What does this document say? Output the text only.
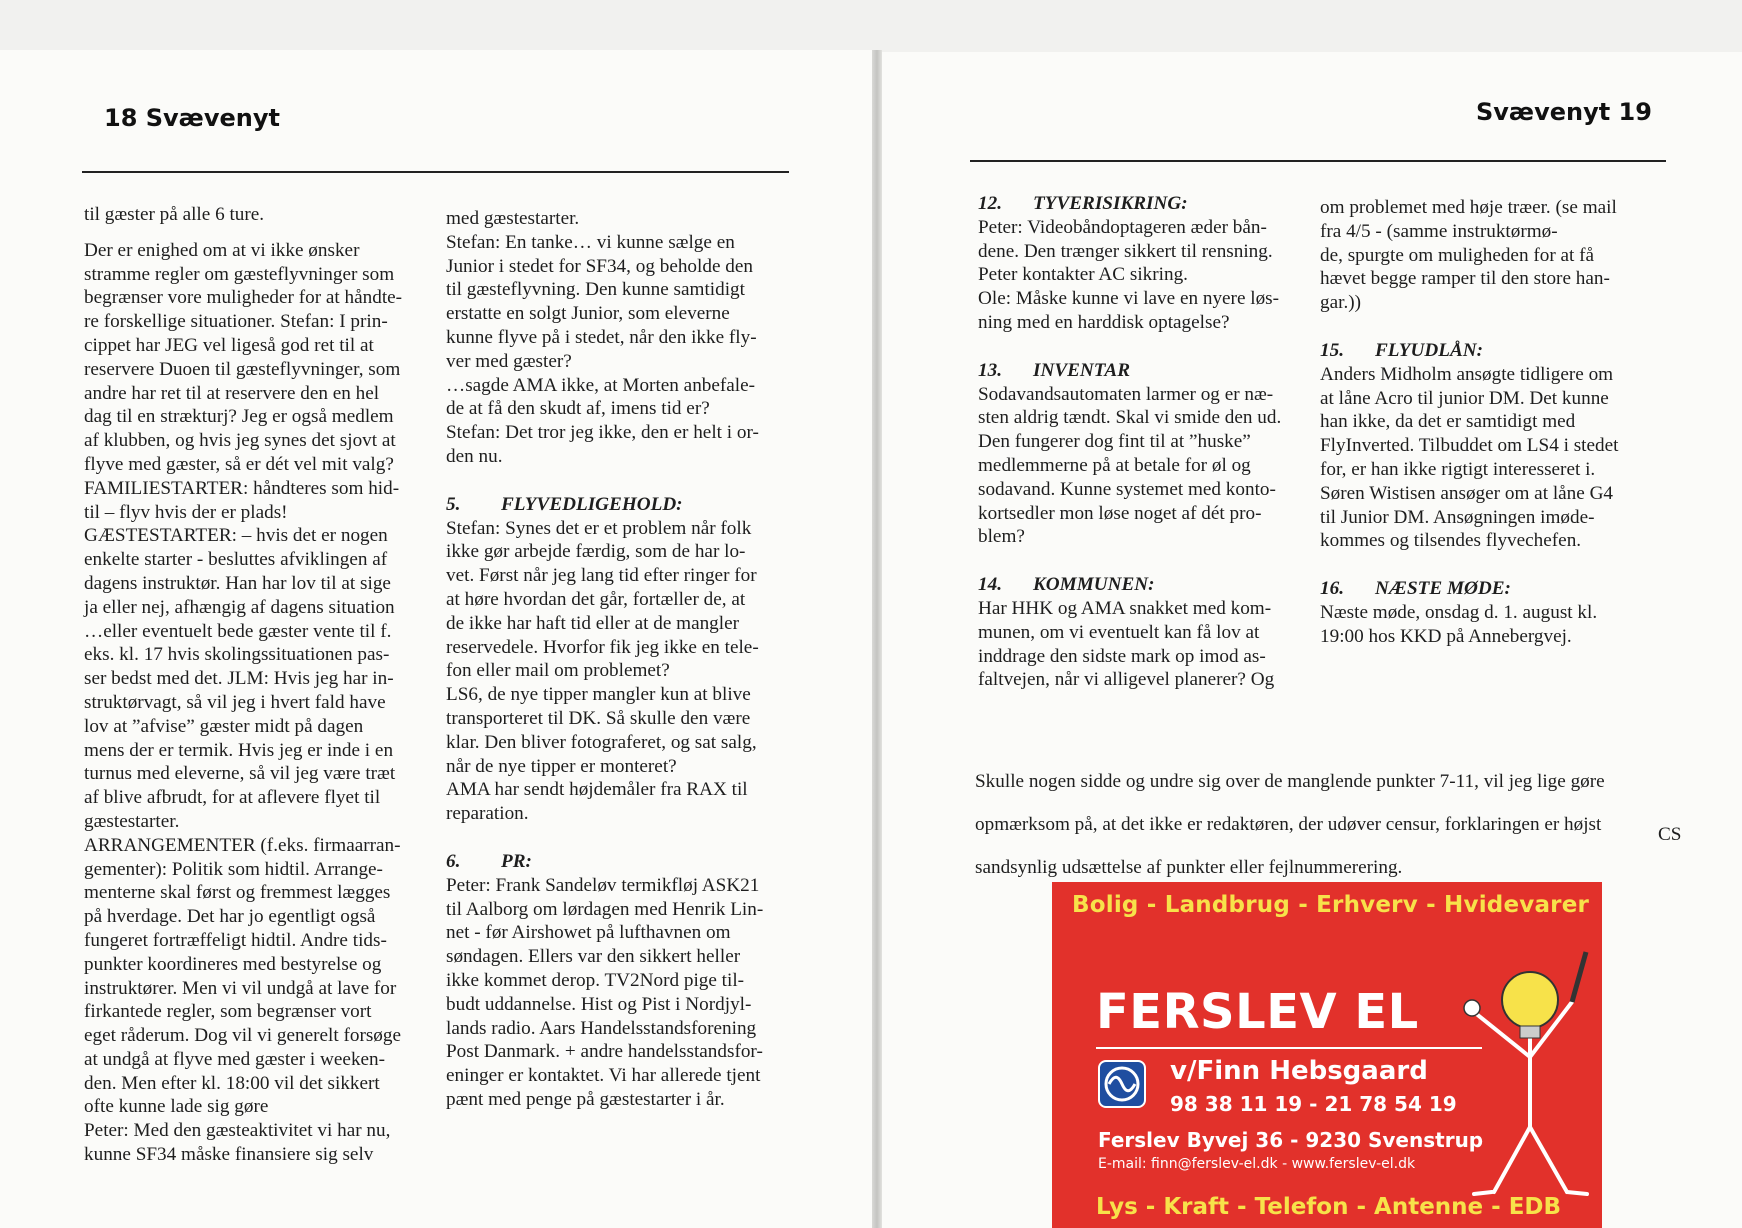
18 Svævenyt

til gæster på alle 6 ture.

Der er enighed om at vi ikke ønsker

stramme regler om gæsteflyvninger som

begrænser vore muligheder for at håndte-

re forskellige situationer. Stefan: I prin-

cippet har JEG vel ligeså god ret til at

reservere Duoen til gæsteflyvninger, som

andre har ret til at reservere den en hel

dag til en strækturj? Jeg er også medlem

af klubben, og hvis jeg synes det sjovt at

flyve med gæster, så er dét vel mit valg?

FAMILIESTARTER: håndteres som hid-

til – flyv hvis der er plads!

GÆSTESTARTER: – hvis det er nogen

enkelte starter - besluttes afviklingen af

dagens instruktør. Han har lov til at sige

ja eller nej, afhængig af dagens situation

…eller eventuelt bede gæster vente til f.

eks. kl. 17 hvis skolingssituationen pas-

ser bedst med det. JLM: Hvis jeg har in-

struktørvagt, så vil jeg i hvert fald have

lov at ”afvise” gæster midt på dagen

mens der er termik. Hvis jeg er inde i en

turnus med eleverne, så vil jeg være træt

af blive afbrudt, for at aflevere flyet til

gæstestarter.

ARRANGEMENTER (f.eks. firmaarran-

gementer): Politik som hidtil. Arrange-

menterne skal først og fremmest lægges

på hverdage. Det har jo egentligt også

fungeret fortræffeligt hidtil. Andre tids-

punkter koordineres med bestyrelse og

instruktører. Men vi vil undgå at lave for

firkantede regler, som begrænser vort

eget råderum. Dog vil vi generelt forsøge

at undgå at flyve med gæster i weeken-

den. Men efter kl. 18:00 vil det sikkert

ofte kunne lade sig gøre

Peter: Med den gæsteaktivitet vi har nu,

kunne SF34 måske finansiere sig selv

med gæstestarter.

Stefan: En tanke… vi kunne sælge en

Junior i stedet for SF34, og beholde den

til gæsteflyvning. Den kunne samtidigt

erstatte en solgt Junior, som eleverne

kunne flyve på i stedet, når den ikke fly-

ver med gæster?

…sagde AMA ikke, at Morten anbefale-

de at få den skudt af, imens tid er?

Stefan: Det tror jeg ikke, den er helt i or-

den nu.

5. FLYVEDLIGEHOLD:

Stefan: Synes det er et problem når folk

ikke gør arbejde færdig, som de har lo-

vet. Først når jeg lang tid efter ringer for

at høre hvordan det går, fortæller de, at

de ikke har haft tid eller at de mangler

reservedele. Hvorfor fik jeg ikke en tele-

fon eller mail om problemet?

LS6, de nye tipper mangler kun at blive

transporteret til DK. Så skulle den være

klar. Den bliver fotograferet, og sat salg,

når de nye tipper er monteret?

AMA har sendt højdemåler fra RAX til

reparation.

6. PR:

Peter: Frank Sandeløv termikfløj ASK21

til Aalborg om lørdagen med Henrik Lin-

net - før Airshowet på lufthavnen om

søndagen. Ellers var den sikkert heller

ikke kommet derop. TV2Nord pige til-

budt uddannelse. Hist og Pist i Nordjyl-

lands radio. Aars Handelsstandsforening

Post Danmark. + andre handelsstandsfor-

eninger er kontaktet. Vi har allerede tjent

pænt med penge på gæstestarter i år.

Svævenyt 19

12. TYVERISIKRING:

Peter: Videobåndoptageren æder bån-

dene. Den trænger sikkert til rensning.

Peter kontakter AC sikring.

Ole: Måske kunne vi lave en nyere løs-

ning med en harddisk optagelse?

13. INVENTAR

Sodavandsautomaten larmer og er næ-

sten aldrig tændt. Skal vi smide den ud.

Den fungerer dog fint til at ”huske”

medlemmerne på at betale for øl og

sodavand. Kunne systemet med konto-

kortsedler mon løse noget af dét pro-

blem?

14. KOMMUNEN:

Har HHK og AMA snakket med kom-

munen, om vi eventuelt kan få lov at

inddrage den sidste mark op imod as-

faltvejen, når vi alligevel planerer? Og

om problemet med høje træer. (se mail

fra 4/5 - (samme instruktørmø-

de, spurgte om muligheden for at få

hævet begge ramper til den store han-

gar.))

15. FLYUDLÅN:

Anders Midholm ansøgte tidligere om

at låne Acro til junior DM. Det kunne

han ikke, da det er samtidigt med

FlyInverted. Tilbuddet om LS4 i stedet

for, er han ikke rigtigt interesseret i.

Søren Wistisen ansøger om at låne G4

til Junior DM. Ansøgningen imøde-

kommes og tilsendes flyvechefen.

16. NÆSTE MØDE:

Næste møde, onsdag d. 1. august kl.

19:00 hos KKD på Annebergvej.

Skulle nogen sidde og undre sig over de manglende punkter 7-11, vil jeg lige gøre

opmærksom på, at det ikke er redaktøren, der udøver censur, forklaringen er højst

sandsynlig udsættelse af punkter eller fejlnummerering.

CS
Bolig - Landbrug - Erhverv - Hvidevarer
FERSLEV EL
v/Finn Hebsgaard
98 38 11 19 - 21 78 54 19
Ferslev Byvej 36 - 9230 Svenstrup
E-mail: finn@ferslev-el.dk - www.ferslev-el.dk
Lys - Kraft - Telefon - Antenne - EDB
